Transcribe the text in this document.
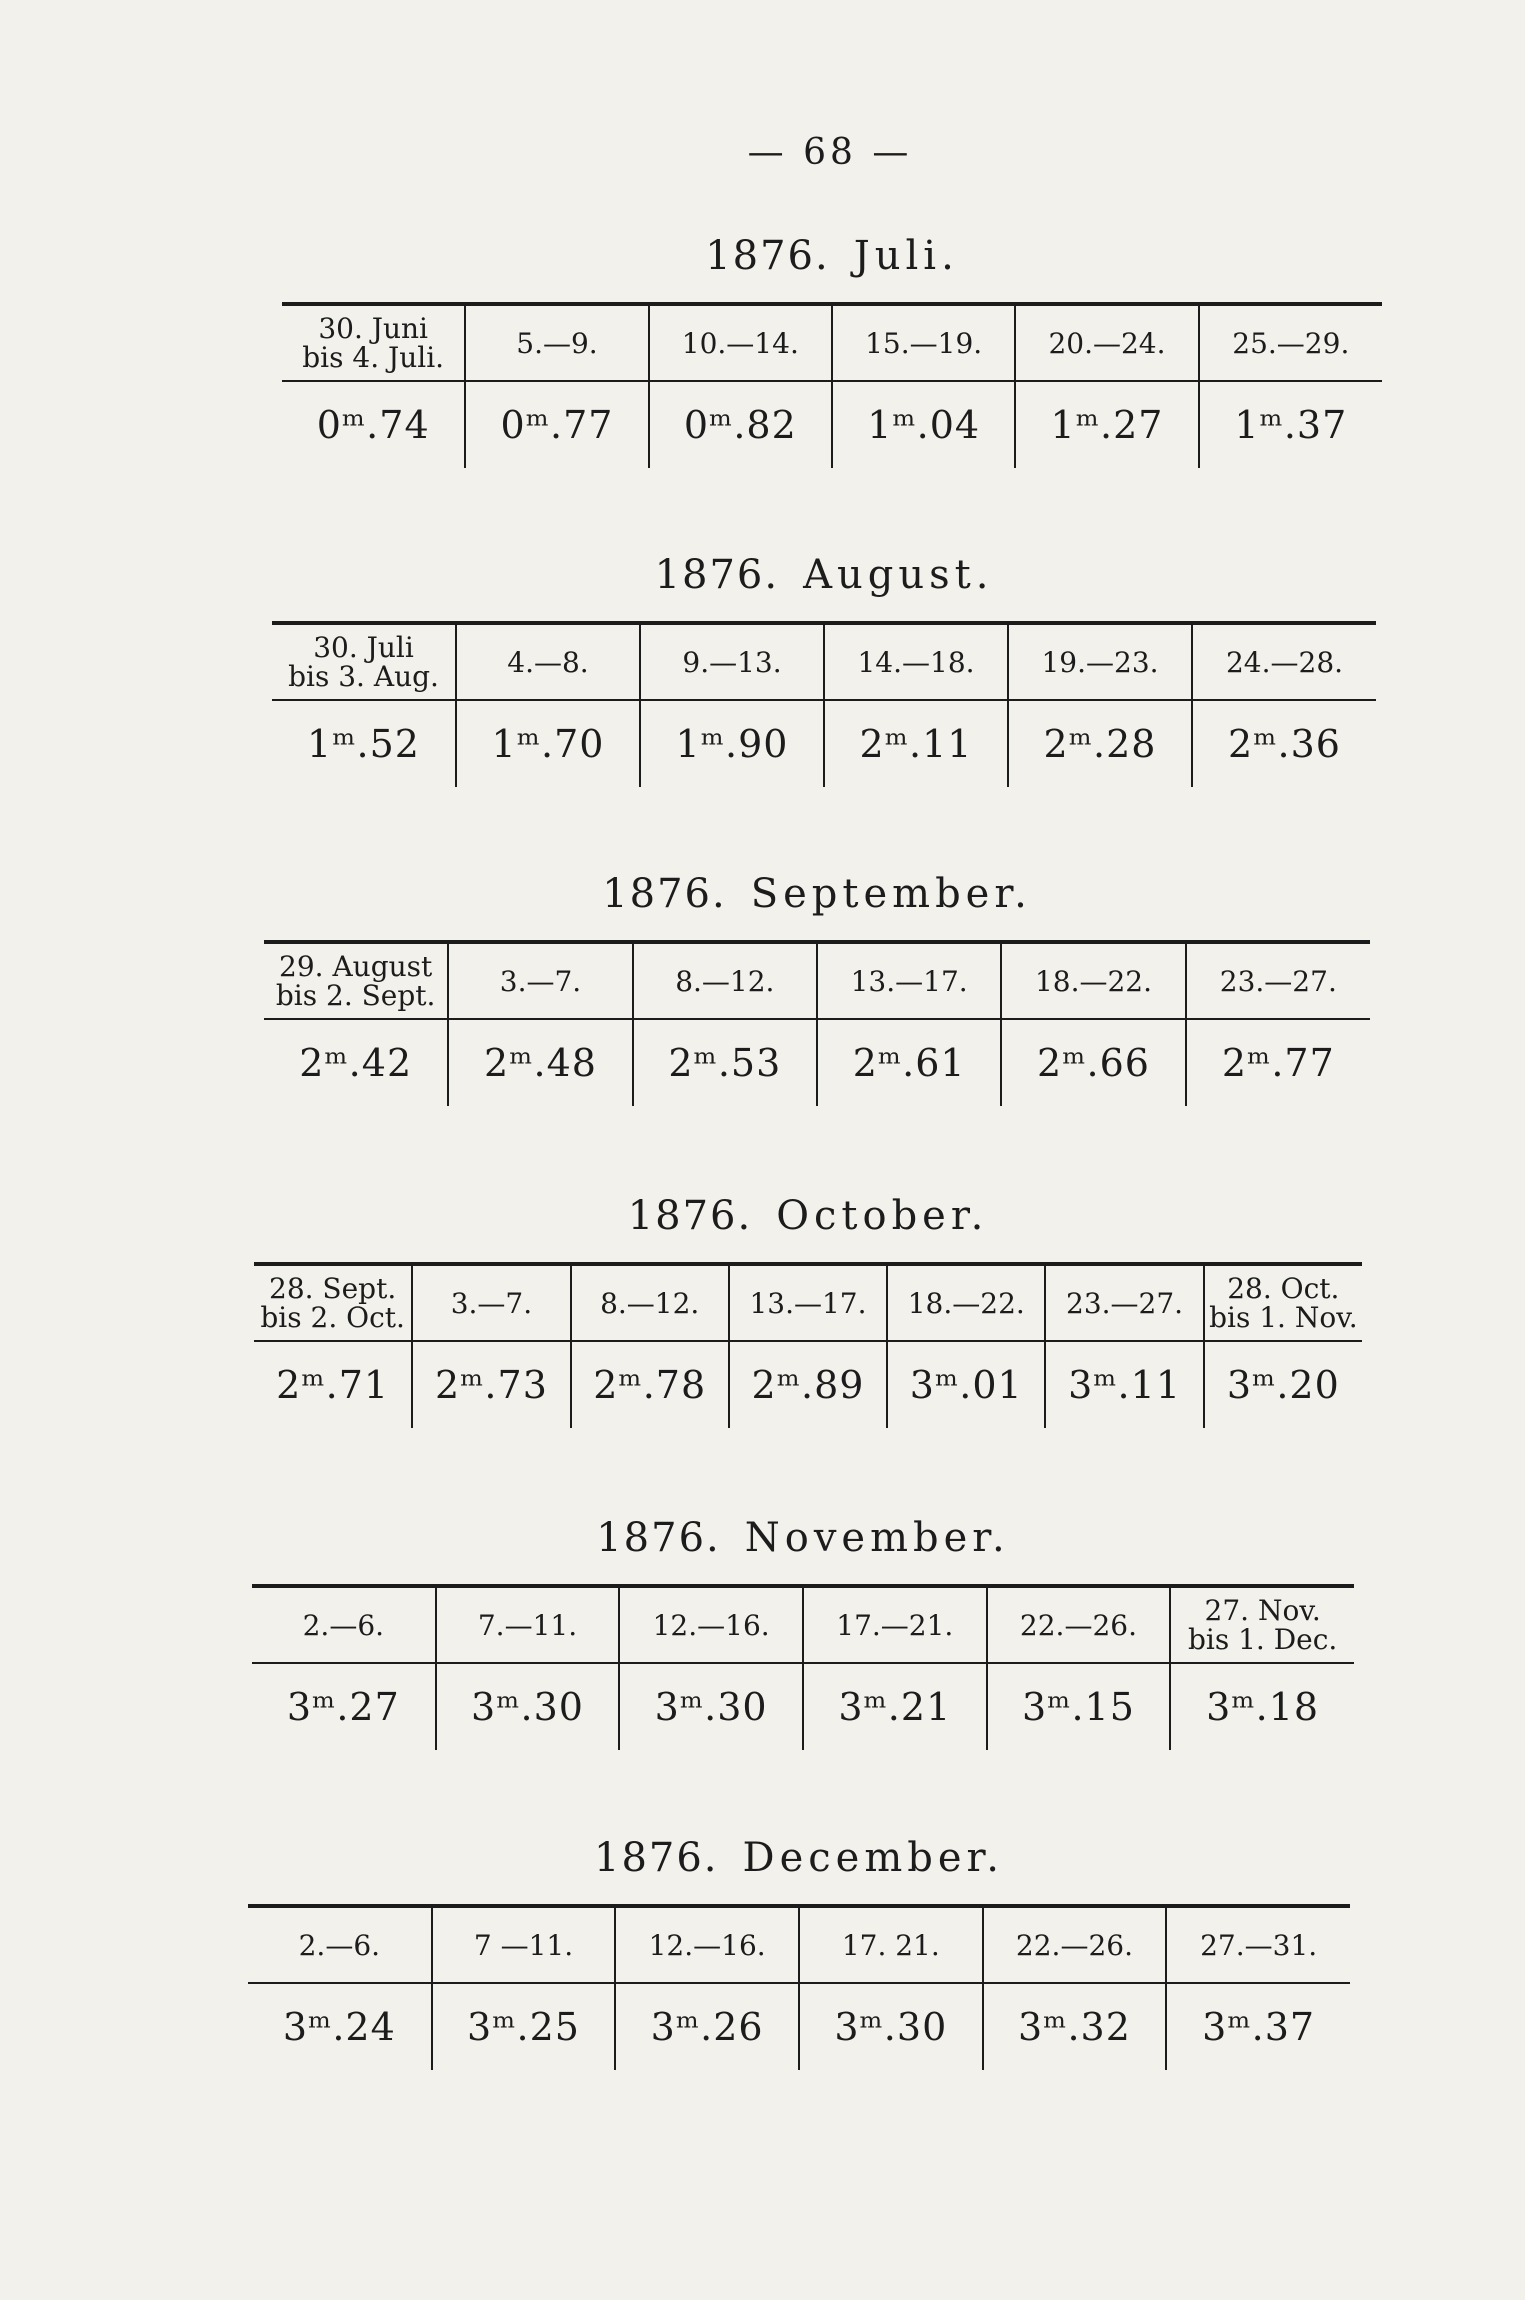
— 68 —
1876. Juli.
30. Juni
bis 4. Juli.	5.—9.	10.—14.	15.—19.	20.—24.	25.—29.
0ᵐ.74	0ᵐ.77	0ᵐ.82	1ᵐ.04	1ᵐ.27	1ᵐ.37
1876. August.
30. Juli
bis 3. Aug.	4.—8.	9.—13.	14.—18.	19.—23.	24.—28.
1ᵐ.52	1ᵐ.70	1ᵐ.90	2ᵐ.11	2ᵐ.28	2ᵐ.36
1876. September.
29. August
bis 2. Sept.	3.—7.	8.—12.	13.—17.	18.—22.	23.—27.
2ᵐ.42	2ᵐ.48	2ᵐ.53	2ᵐ.61	2ᵐ.66	2ᵐ.77
1876. October.
28. Sept.
bis 2. Oct.	3.—7.	8.—12.	13.—17.	18.—22.	23.—27.	28. Oct.
bis 1. Nov.
2ᵐ.71	2ᵐ.73	2ᵐ.78	2ᵐ.89	3ᵐ.01	3ᵐ.11	3ᵐ.20
1876. November.
2.—6.	7.—11.	12.—16.	17.—21.	22.—26.	27. Nov.
bis 1. Dec.
3ᵐ.27	3ᵐ.30	3ᵐ.30	3ᵐ.21	3ᵐ.15	3ᵐ.18
1876. December.
2.—6.	7 —11.	12.—16.	17. 21.	22.—26.	27.—31.
3ᵐ.24	3ᵐ.25	3ᵐ.26	3ᵐ.30	3ᵐ.32	3ᵐ.37
